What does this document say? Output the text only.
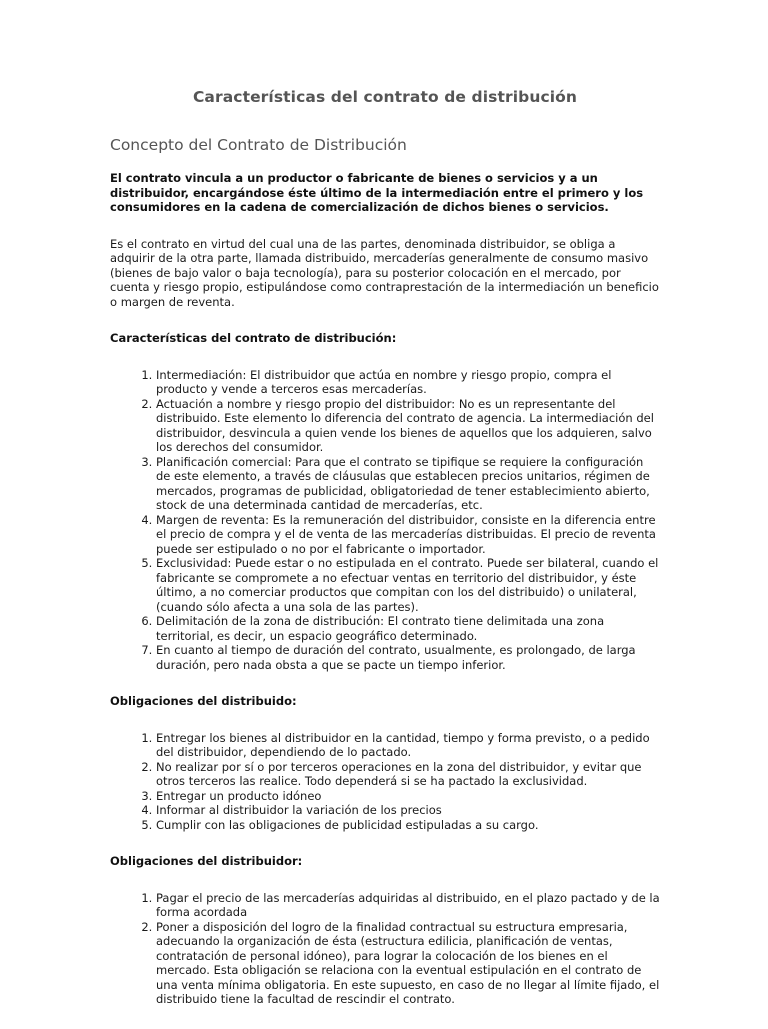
Características del contrato de distribución
Concepto del Contrato de Distribución

El contrato vincula a un productor o fabricante de bienes o servicios y a un distribuidor, encargándose éste último de la intermediación entre el primero y los consumidores en la cadena de comercialización de dichos bienes o servicios.

Es el contrato en virtud del cual una de las partes, denominada distribuidor, se obliga a adquirir de la otra parte, llamada distribuido, mercaderías generalmente de consumo masivo (bienes de bajo valor o baja tecnología), para su posterior colocación en el mercado, por cuenta y riesgo propio, estipulándose como contraprestación de la intermediación un beneficio o margen de reventa.

Características del contrato de distribución:

1. Intermediación: El distribuidor que actúa en nombre y riesgo propio, compra el producto y vende a terceros esas mercaderías.
2. Actuación a nombre y riesgo propio del distribuidor: No es un representante del distribuido. Este elemento lo diferencia del contrato de agencia. La intermediación del distribuidor, desvincula a quien vende los bienes de aquellos que los adquieren, salvo los derechos del consumidor.
3. Planificación comercial: Para que el contrato se tipifique se requiere la configuración de este elemento, a través de cláusulas que establecen precios unitarios, régimen de mercados, programas de publicidad, obligatoriedad de tener establecimiento abierto, stock de una determinada cantidad de mercaderías, etc.
4. Margen de reventa: Es la remuneración del distribuidor, consiste en la diferencia entre el precio de compra y el de venta de las mercaderías distribuidas. El precio de reventa puede ser estipulado o no por el fabricante o importador.
5. Exclusividad: Puede estar o no estipulada en el contrato. Puede ser bilateral, cuando el fabricante se compromete a no efectuar ventas en territorio del distribuidor, y éste último, a no comerciar productos que compitan con los del distribuido) o unilateral, (cuando sólo afecta a una sola de las partes).
6. Delimitación de la zona de distribución: El contrato tiene delimitada una zona territorial, es decir, un espacio geográfico determinado.
7. En cuanto al tiempo de duración del contrato, usualmente, es prolongado, de larga duración, pero nada obsta a que se pacte un tiempo inferior.

Obligaciones del distribuido:

1. Entregar los bienes al distribuidor en la cantidad, tiempo y forma previsto, o a pedido del distribuidor, dependiendo de lo pactado.
2. No realizar por sí o por terceros operaciones en la zona del distribuidor, y evitar que otros terceros las realice. Todo dependerá si se ha pactado la exclusividad.
3. Entregar un producto idóneo
4. Informar al distribuidor la variación de los precios
5. Cumplir con las obligaciones de publicidad estipuladas a su cargo.

Obligaciones del distribuidor:

1. Pagar el precio de las mercaderías adquiridas al distribuido, en el plazo pactado y de la forma acordada
2. Poner a disposición del logro de la finalidad contractual su estructura empresaria, adecuando la organización de ésta (estructura edilicia, planificación de ventas, contratación de personal idóneo), para lograr la colocación de los bienes en el mercado. Esta obligación se relaciona con la eventual estipulación en el contrato de una venta mínima obligatoria. En este supuesto, en caso de no llegar al límite fijado, el distribuido tiene la facultad de rescindir el contrato.
